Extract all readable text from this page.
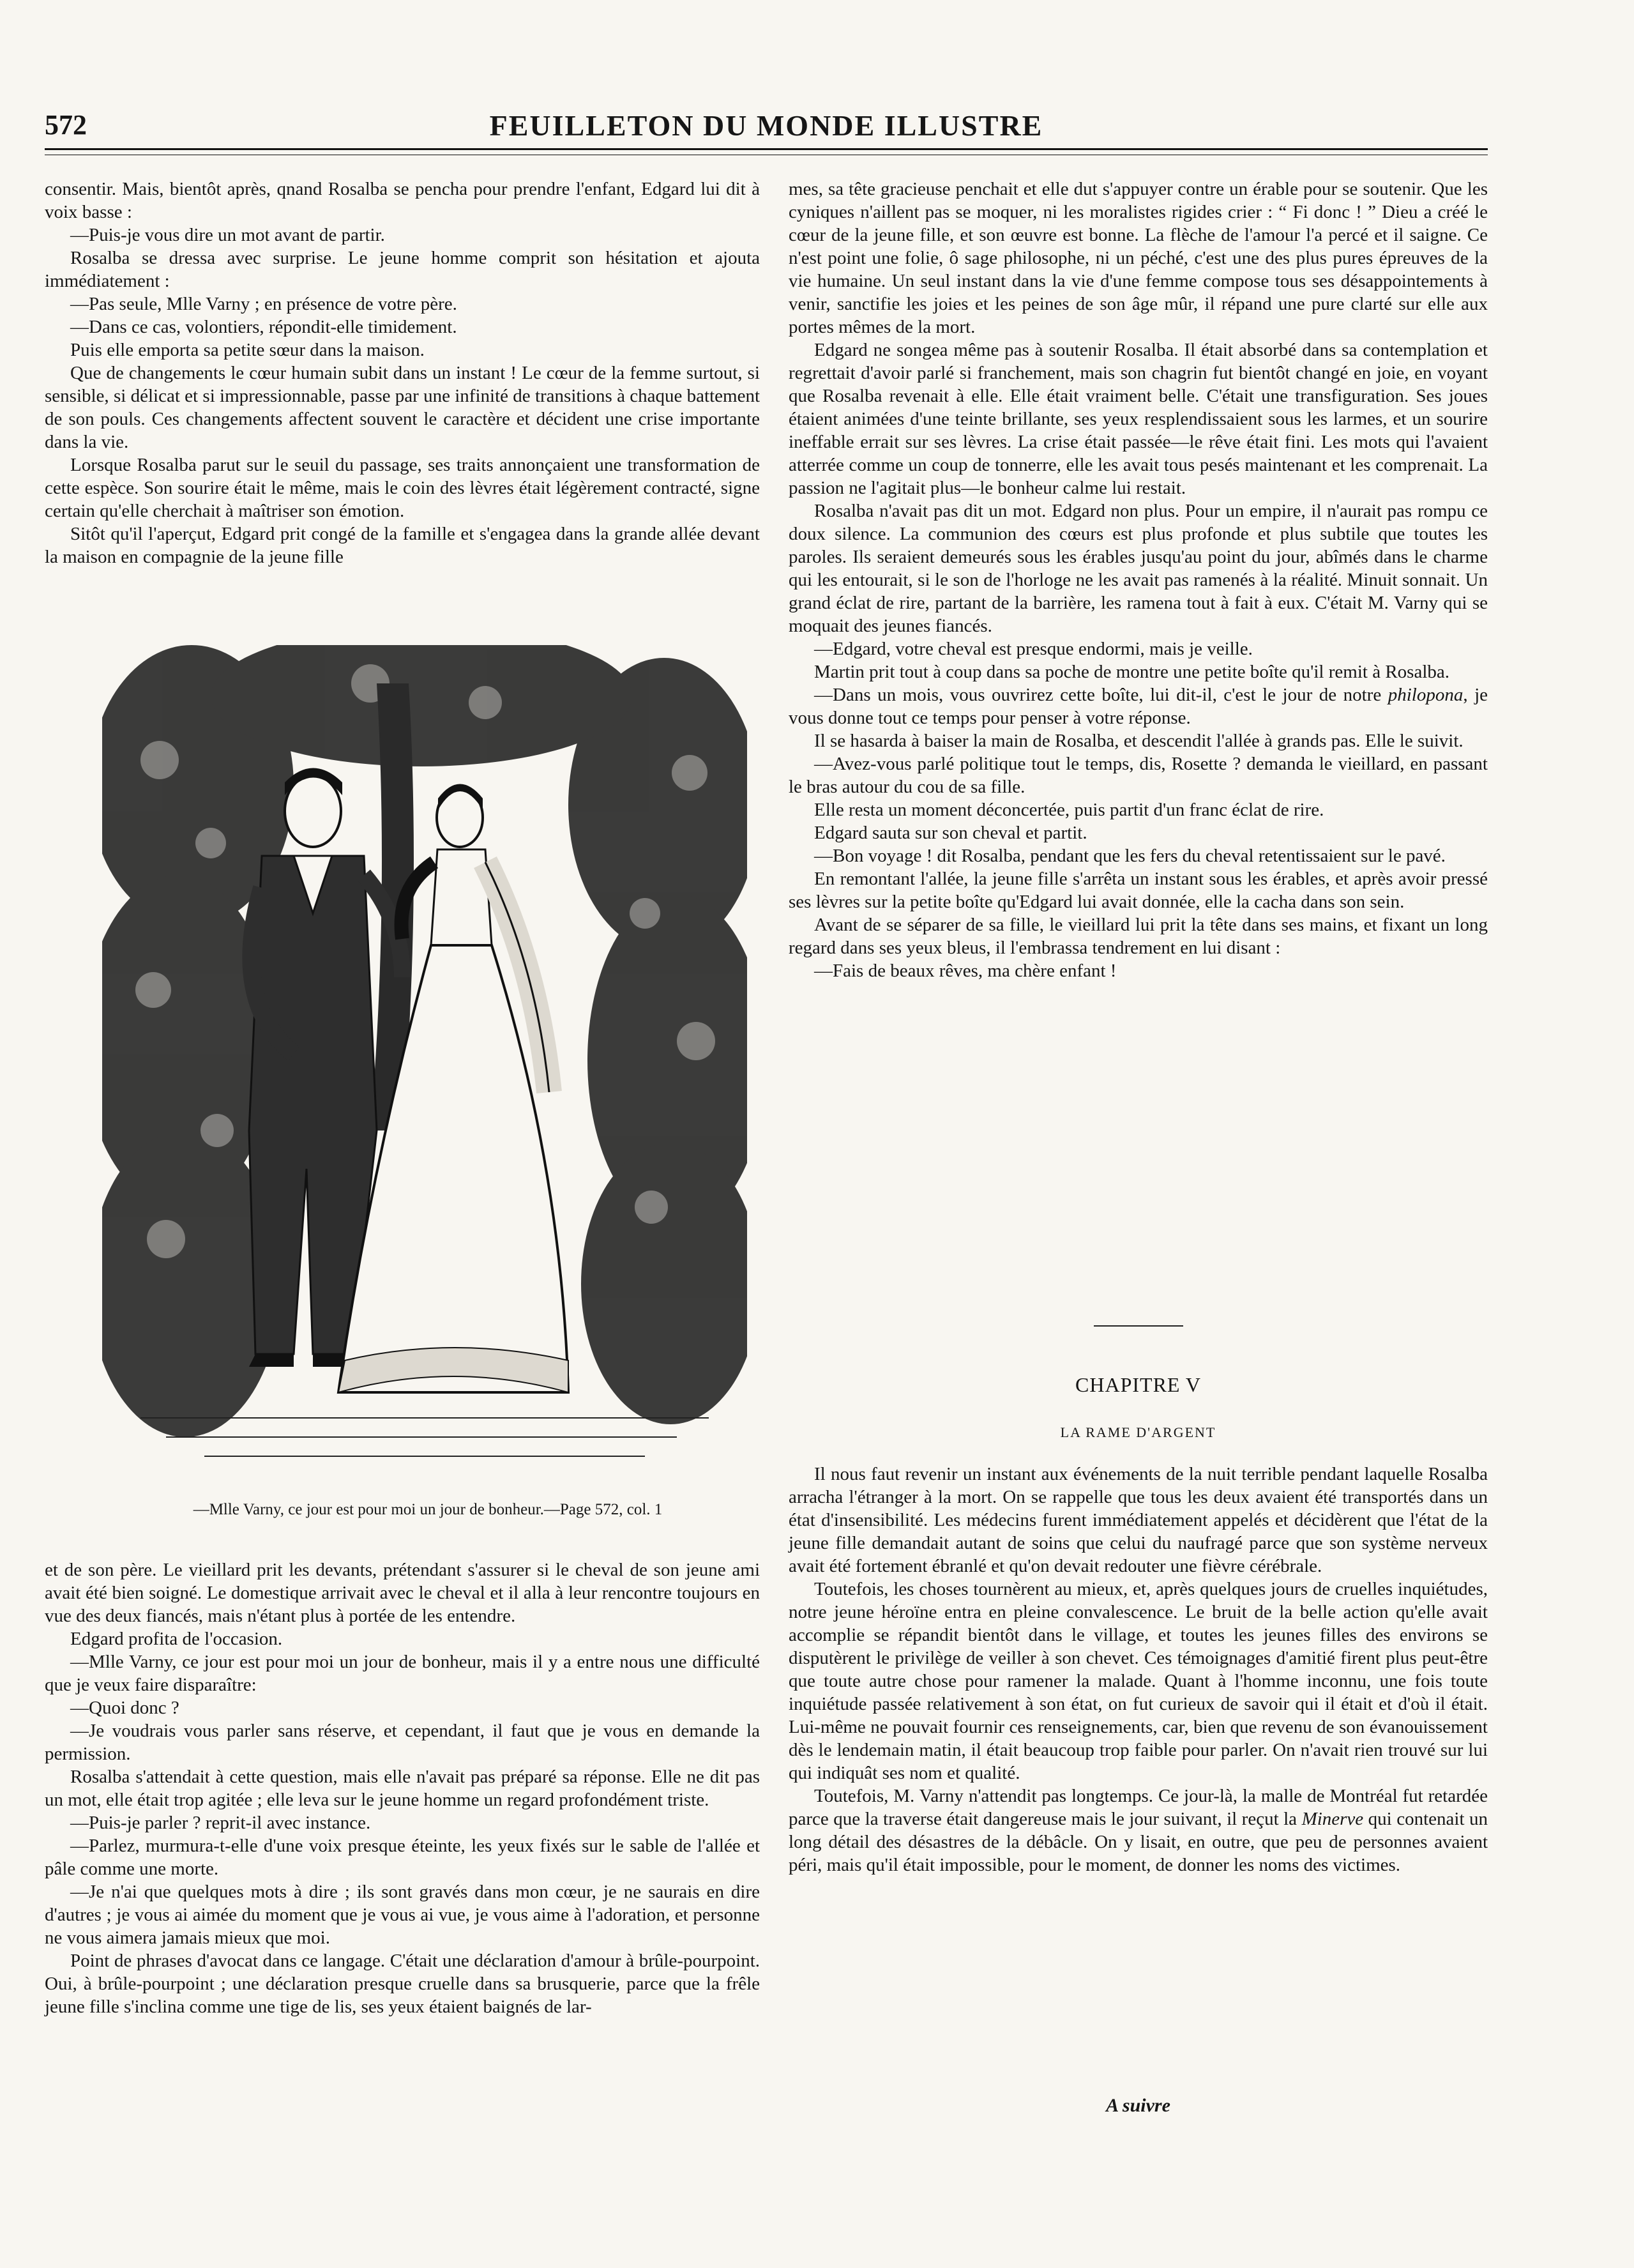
572	FEUILLETON DU MONDE ILLUSTRE

consentir. Mais, bientôt après, qnand Rosalba se pencha pour prendre l'enfant, Edgard lui dit à voix basse :

—Puis-je vous dire un mot avant de partir.

Rosalba se dressa avec surprise. Le jeune homme comprit son hésitation et ajouta immédiatement :

—Pas seule, Mlle Varny ; en présence de votre père.

—Dans ce cas, volontiers, répondit-elle timidement.

Puis elle emporta sa petite sœur dans la maison.

Que de changements le cœur humain subit dans un instant ! Le cœur de la femme surtout, si sensible, si délicat et si impressionnable, passe par une infinité de transitions à chaque battement de son pouls. Ces changements affectent souvent le caractère et décident une crise importante dans la vie.

Lorsque Rosalba parut sur le seuil du passage, ses traits annonçaient une transformation de cette espèce. Son sourire était le même, mais le coin des lèvres était légèrement contracté, signe certain qu'elle cherchait à maîtriser son émotion.

Sitôt qu'il l'aperçut, Edgard prit congé de la famille et s'engagea dans la grande allée devant la maison en compagnie de la jeune fille

—Mlle Varny, ce jour est pour moi un jour de bonheur.—Page 572, col. 1

et de son père. Le vieillard prit les devants, prétendant s'assurer si le cheval de son jeune ami avait été bien soigné. Le domestique arrivait avec le cheval et il alla à leur rencontre toujours en vue des deux fiancés, mais n'étant plus à portée de les entendre.

Edgard profita de l'occasion.

—Mlle Varny, ce jour est pour moi un jour de bonheur, mais il y a entre nous une difficulté que je veux faire disparaître:

—Quoi donc ?

—Je voudrais vous parler sans réserve, et cependant, il faut que je vous en demande la permission.

Rosalba s'attendait à cette question, mais elle n'avait pas préparé sa réponse. Elle ne dit pas un mot, elle était trop agitée ; elle leva sur le jeune homme un regard profondément triste.

—Puis-je parler ? reprit-il avec instance.

—Parlez, murmura-t-elle d'une voix presque éteinte, les yeux fixés sur le sable de l'allée et pâle comme une morte.

—Je n'ai que quelques mots à dire ; ils sont gravés dans mon cœur, je ne saurais en dire d'autres ; je vous ai aimée du moment que je vous ai vue, je vous aime à l'adoration, et personne ne vous aimera jamais mieux que moi.

Point de phrases d'avocat dans ce langage. C'était une déclaration d'amour à brûle-pourpoint. Oui, à brûle-pourpoint ; une déclaration presque cruelle dans sa brusquerie, parce que la frêle jeune fille s'inclina comme une tige de lis, ses yeux étaient baignés de lar-

mes, sa tête gracieuse penchait et elle dut s'appuyer contre un érable pour se soutenir. Que les cyniques n'aillent pas se moquer, ni les moralistes rigides crier : “ Fi donc ! ” Dieu a créé le cœur de la jeune fille, et son œuvre est bonne. La flèche de l'amour l'a percé et il saigne. Ce n'est point une folie, ô sage philosophe, ni un péché, c'est une des plus pures épreuves de la vie humaine. Un seul instant dans la vie d'une femme compose tous ses désappointements à venir, sanctifie les joies et les peines de son âge mûr, il répand une pure clarté sur elle aux portes mêmes de la mort.

Edgard ne songea même pas à soutenir Rosalba. Il était absorbé dans sa contemplation et regrettait d'avoir parlé si franchement, mais son chagrin fut bientôt changé en joie, en voyant que Rosalba revenait à elle. Elle était vraiment belle. C'était une transfiguration. Ses joues étaient animées d'une teinte brillante, ses yeux resplendissaient sous les larmes, et un sourire ineffable errait sur ses lèvres. La crise était passée—le rêve était fini. Les mots qui l'avaient atterrée comme un coup de tonnerre, elle les avait tous pesés maintenant et les comprenait. La passion ne l'agitait plus—le bonheur calme lui restait.

Rosalba n'avait pas dit un mot. Edgard non plus. Pour un empire, il n'aurait pas rompu ce doux silence. La communion des cœurs est plus profonde et plus subtile que toutes les paroles. Ils seraient demeurés sous les érables jusqu'au point du jour, abîmés dans le charme qui les entourait, si le son de l'horloge ne les avait pas ramenés à la réalité. Minuit sonnait. Un grand éclat de rire, partant de la barrière, les ramena tout à fait à eux. C'était M. Varny qui se moquait des jeunes fiancés.

—Edgard, votre cheval est presque endormi, mais je veille.

Martin prit tout à coup dans sa poche de montre une petite boîte qu'il remit à Rosalba.

—Dans un mois, vous ouvrirez cette boîte, lui dit-il, c'est le jour de notre philopona, je vous donne tout ce temps pour penser à votre réponse.

Il se hasarda à baiser la main de Rosalba, et descendit l'allée à grands pas. Elle le suivit.

—Avez-vous parlé politique tout le temps, dis, Rosette ? demanda le vieillard, en passant le bras autour du cou de sa fille.

Elle resta un moment déconcertée, puis partit d'un franc éclat de rire.

Edgard sauta sur son cheval et partit.

—Bon voyage ! dit Rosalba, pendant que les fers du cheval retentissaient sur le pavé.

En remontant l'allée, la jeune fille s'arrêta un instant sous les érables, et après avoir pressé ses lèvres sur la petite boîte qu'Edgard lui avait donnée, elle la cacha dans son sein.

Avant de se séparer de sa fille, le vieillard lui prit la tête dans ses mains, et fixant un long regard dans ses yeux bleus, il l'embrassa tendrement en lui disant :

—Fais de beaux rêves, ma chère enfant !

CHAPITRE V
LA RAME D'ARGENT

Il nous faut revenir un instant aux événements de la nuit terrible pendant laquelle Rosalba arracha l'étranger à la mort. On se rappelle que tous les deux avaient été transportés dans un état d'insensibilité. Les médecins furent immédiatement appelés et décidèrent que l'état de la jeune fille demandait autant de soins que celui du naufragé parce que son système nerveux avait été fortement ébranlé et qu'on devait redouter une fièvre cérébrale.

Toutefois, les choses tournèrent au mieux, et, après quelques jours de cruelles inquiétudes, notre jeune héroïne entra en pleine convalescence. Le bruit de la belle action qu'elle avait accomplie se répandit bientôt dans le village, et toutes les jeunes filles des environs se disputèrent le privilège de veiller à son chevet. Ces témoignages d'amitié firent plus peut-être que toute autre chose pour ramener la malade. Quant à l'homme inconnu, une fois toute inquiétude passée relativement à son état, on fut curieux de savoir qui il était et d'où il était. Lui-même ne pouvait fournir ces renseignements, car, bien que revenu de son évanouissement dès le lendemain matin, il était beaucoup trop faible pour parler. On n'avait rien trouvé sur lui qui indiquât ses nom et qualité.

Toutefois, M. Varny n'attendit pas longtemps. Ce jour-là, la malle de Montréal fut retardée parce que la traverse était dangereuse mais le jour suivant, il reçut la Minerve qui contenait un long détail des désastres de la débâcle. On y lisait, en outre, que peu de personnes avaient péri, mais qu'il était impossible, pour le moment, de donner les noms des victimes.

A suivre
